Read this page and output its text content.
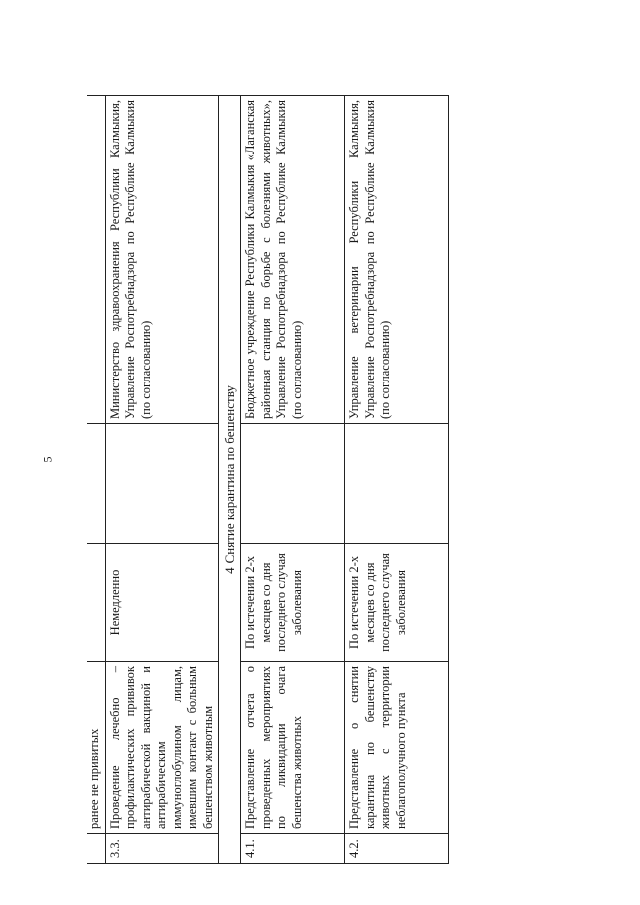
5
	ранее не привитых			
3.3.	Проведение лечебно – профилактических прививок антирабической вакциной и антирабическим иммуноглобулином лицам, имевшим контакт с больным бешенством животным	Немедленно		Министерство здравоохранения Республики Калмыкия, Управление Роспотребнадзора по Республике Калмыкия (по согласованию)
4Снятие карантина по бешенству				
4.1.	Представление отчета о проведенных мероприятиях по ликвидации очага бешенства животных	По истечении 2-х месяцев со дня последнего случая заболевания		Бюджетное учреждение Республики Калмыкия «Лаганская районная станция по борьбе с болезнями животных», Управление Роспотребнадзора по Республике Калмыкия (по согласованию)
4.2.	Представление о снятии карантина по бешенству животных с территории неблагополучного пункта	По истечении 2-х месяцев со дня последнего случая заболевания		Управление ветеринарии Республики Калмыкия, Управление Роспотребнадзора по Республике Калмыкия (по согласованию)
